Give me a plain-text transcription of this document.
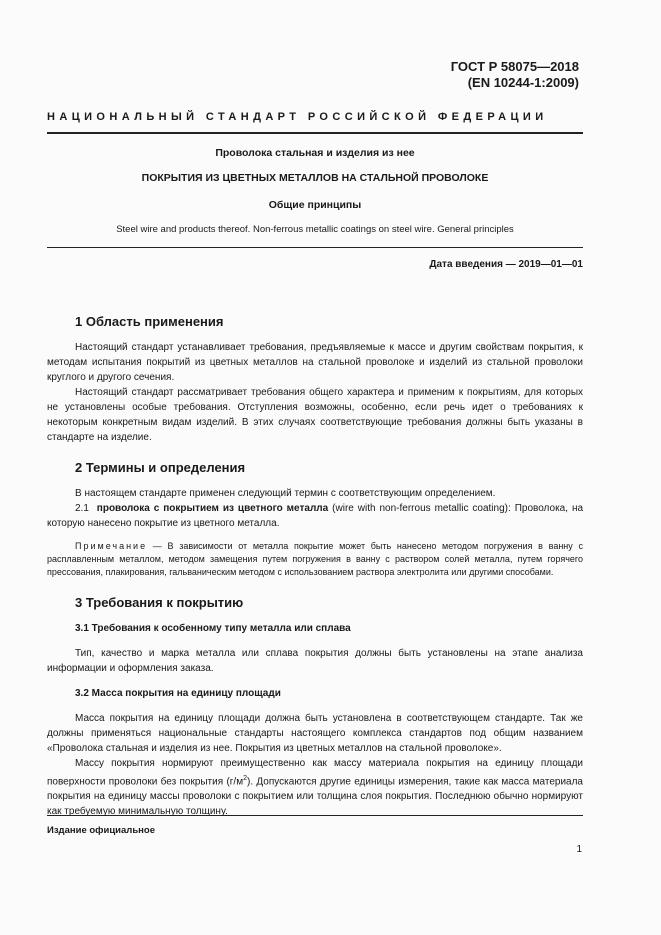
ГОСТ Р 58075—2018
(EN 10244-1:2009)
НАЦИОНАЛЬНЫЙ СТАНДАРТ РОССИЙСКОЙ ФЕДЕРАЦИИ
Проволока стальная и изделия из нее
ПОКРЫТИЯ ИЗ ЦВЕТНЫХ МЕТАЛЛОВ НА СТАЛЬНОЙ ПРОВОЛОКЕ
Общие принципы
Steel wire and products thereof. Non-ferrous metallic coatings on steel wire. General principles
Дата введения — 2019—01—01
1 Область применения

Настоящий стандарт устанавливает требования, предъявляемые к массе и другим свойствам покрытия, к методам испытания покрытий из цветных металлов на стальной проволоке и изделий из стальной проволоки круглого и другого сечения.

Настоящий стандарт рассматривает требования общего характера и применим к покрытиям, для которых не установлены особые требования. Отступления возможны, особенно, если речь идет о требованиях к некоторым конкретным видам изделий. В этих случаях соответствующие требования должны быть указаны в стандарте на изделие.

2 Термины и определения

В настоящем стандарте применен следующий термин с соответствующим определением.

2.1 проволока с покрытием из цветного металла (wire with non-ferrous metallic coating): Проволока, на которую нанесено покрытие из цветного металла.

Примечание — В зависимости от металла покрытие может быть нанесено методом погружения в ванну с расплавленным металлом, методом замещения путем погружения в ванну с раствором солей металла, путем горячего прессования, плакирования, гальваническим методом с использованием раствора электролита или другими способами.

3 Требования к покрытию
3.1 Требования к особенному типу металла или сплава

Тип, качество и марка металла или сплава покрытия должны быть установлены на этапе анализа информации и оформления заказа.

3.2 Масса покрытия на единицу площади

Масса покрытия на единицу площади должна быть установлена в соответствующем стандарте. Так же должны применяться национальные стандарты настоящего комплекса стандартов под общим названием «Проволока стальная и изделия из нее. Покрытия из цветных металлов на стальной проволоке».

Массу покрытия нормируют преимущественно как массу материала покрытия на единицу площади поверхности проволоки без покрытия $(г/м^2)$. Допускаются другие единицы измерения, такие как масса материала покрытия на единицу массы проволоки с покрытием или толщина слоя покрытия. Последнюю обычно нормируют как требуемую минимальную толщину.

Издание официальное
1
